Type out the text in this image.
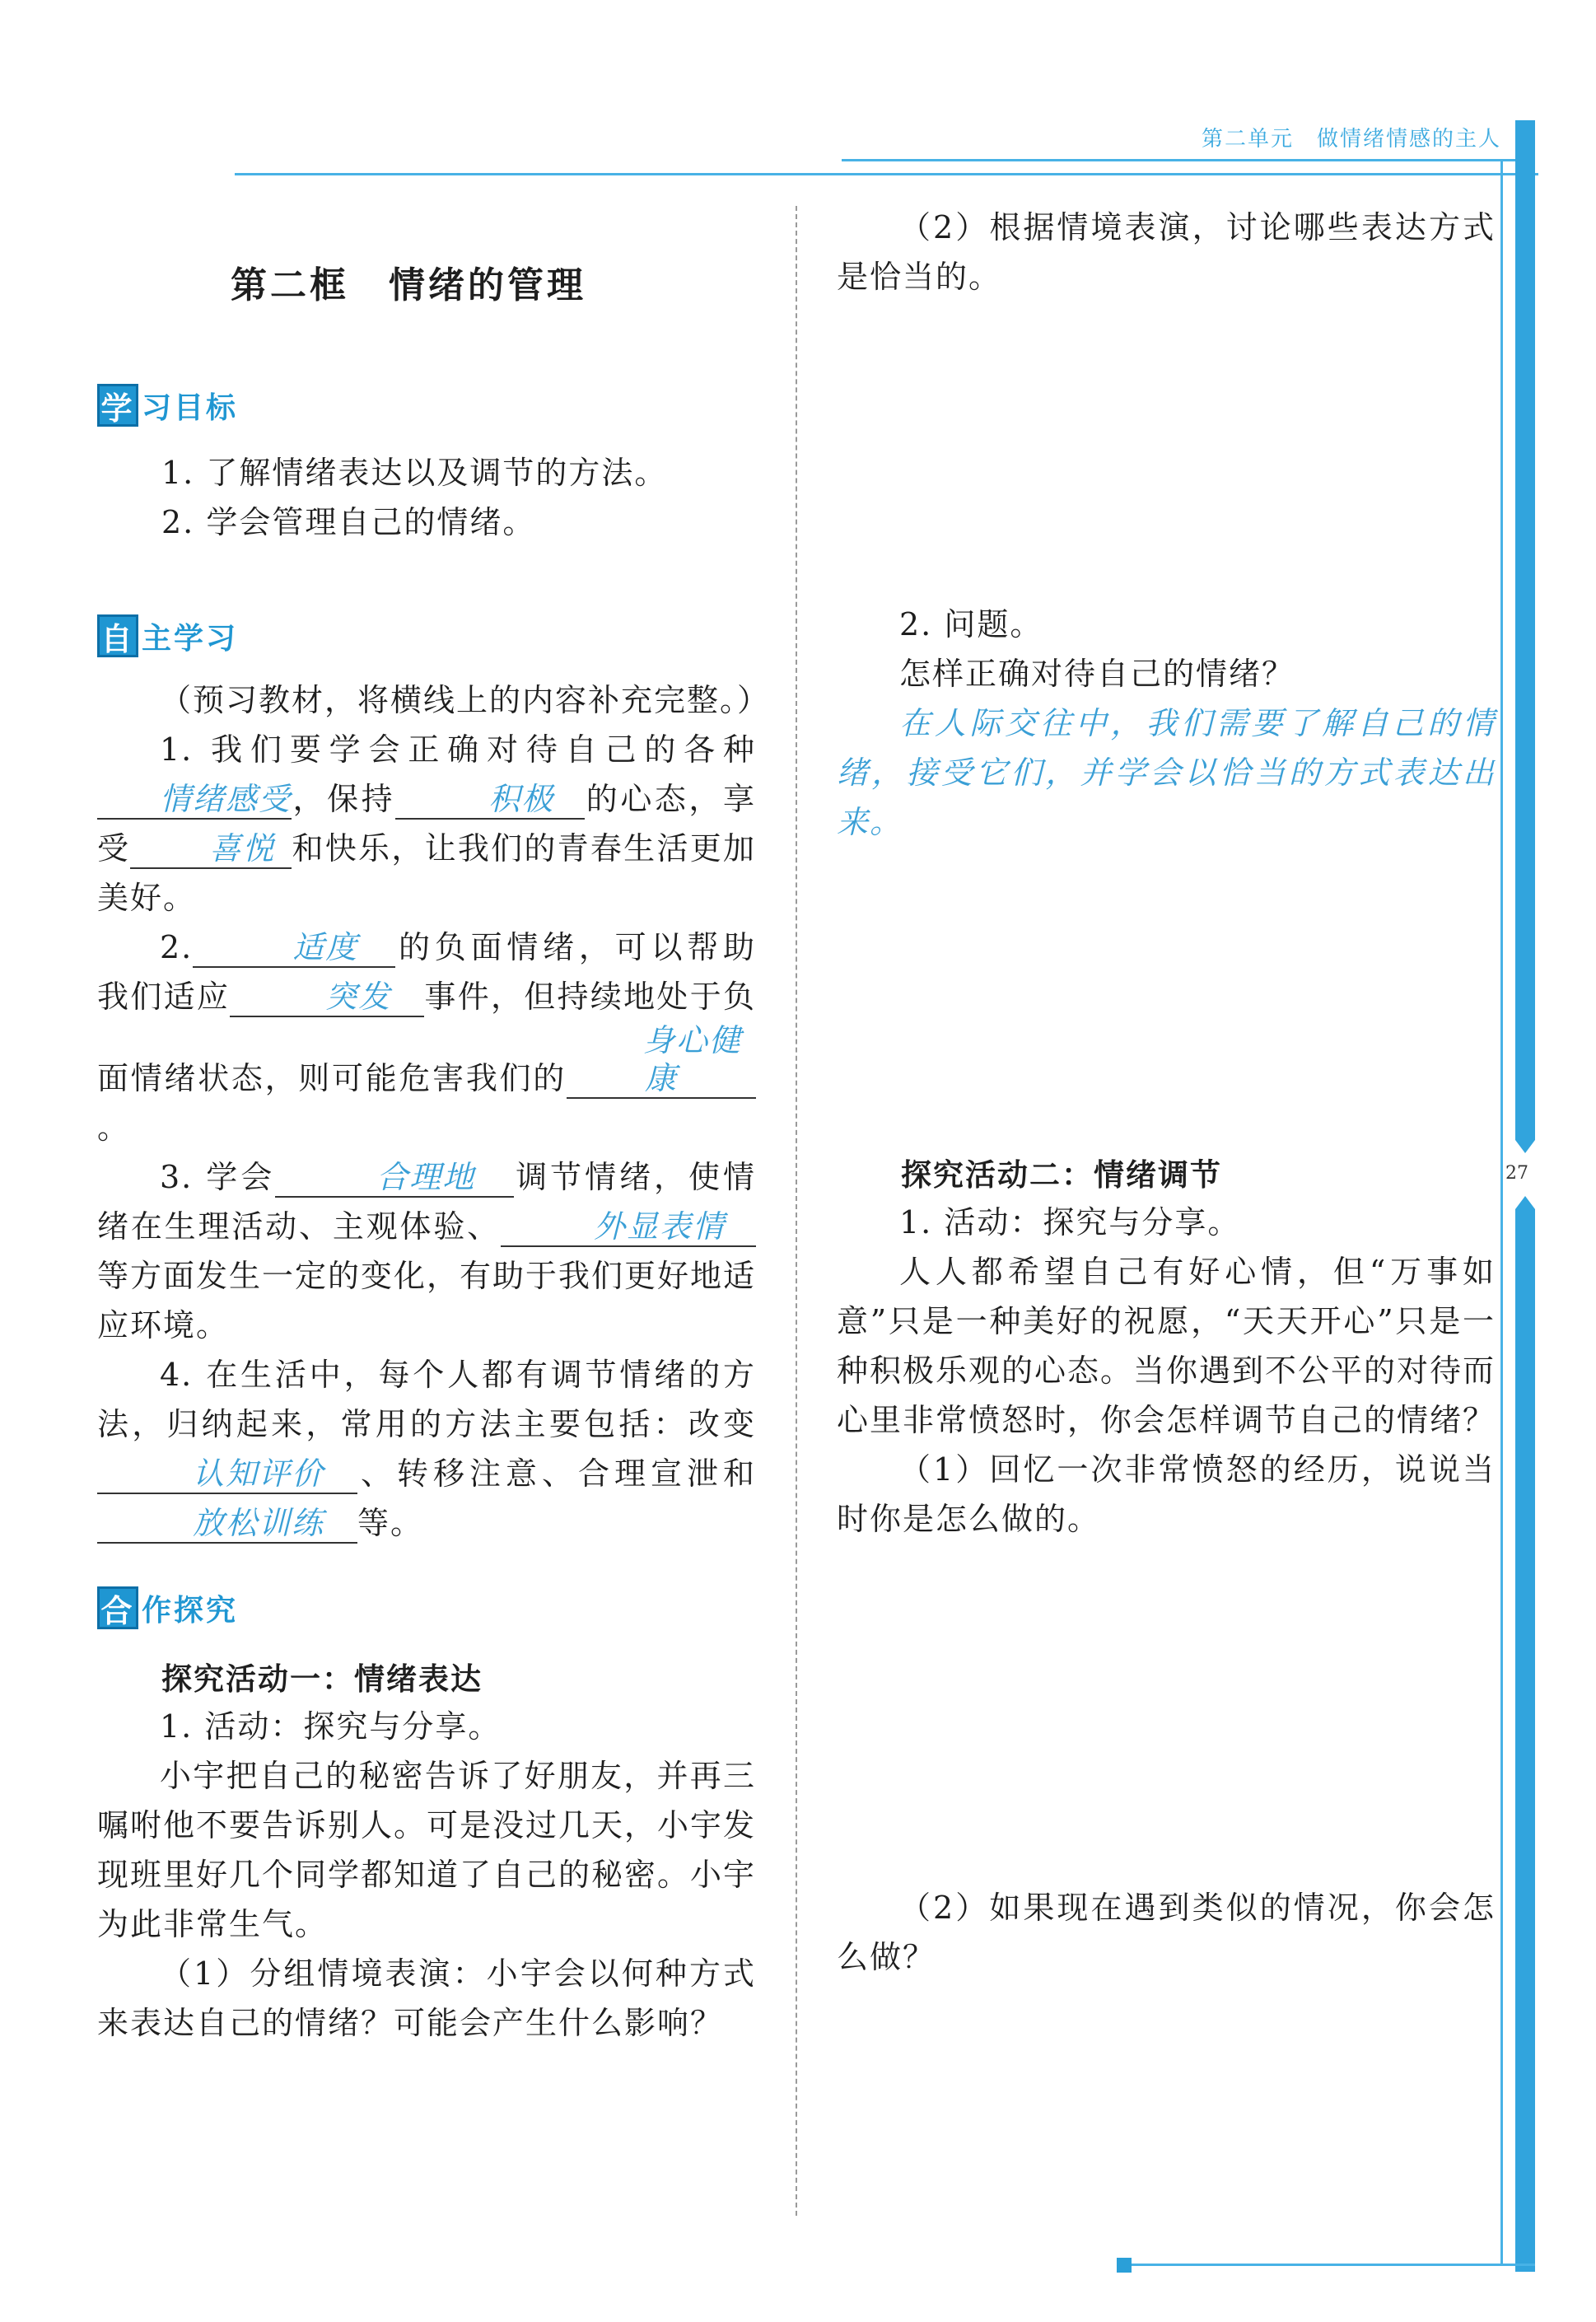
第二单元　 做情绪情感的主人
27
第二框　情绪的管理
学 习目标
1. 了解情绪表达以及调节的方法。
2. 学会管理自己的情绪。
自 主学习
（预习教材，将横线上的内容补充完整。）
1. 我们要学会正确对待自己的各种情绪感受，保持	积极 的心态，享受	喜悦 和快乐，让我们的青春生活更加美好。
2.	适度 的负面情绪，可以帮助我们适应	突发 事件，但持续地处于负面情绪状态，则可能危害我们的身心健康。
3. 学会	合理地 调节情绪，使情绪在生理活动、主观体验、	外显表情等方面发生一定的变化，有助于我们更好地适应环境。
4. 在生活中，每个人都有调节情绪的方法，归纳起来，常用的方法主要包括：改变认知评价 、转移注意、合理宣泄和放松训练 等。
合 作探究
探究活动一：情绪表达
1. 活动：探究与分享。
小宇把自己的秘密告诉了好朋友，并再三嘱咐他不要告诉别人。可是没过几天，小宇发现班里好几个同学都知道了自己的秘密。小宇为此非常生气。
（1）分组情境表演：小宇会以何种方式来表达自己的情绪？可能会产生什么影响？
（2）根据情境表演，讨论哪些表达方式是恰当的。
2. 问题。
怎样正确对待自己的情绪？
在人际交往中，我们需要了解自己的情绪，接受它们，并学会以恰当的方式表达出来。
探究活动二：情绪调节
1. 活动：探究与分享。
人人都希望自己有好心情，但“万事如意”只是一种美好的祝愿，“天天开心”只是一种积极乐观的心态。当你遇到不公平的对待而心里非常愤怒时，你会怎样调节自己的情绪？
（1）回忆一次非常愤怒的经历，说说当时你是怎么做的。
（2）如果现在遇到类似的情况，你会怎么做？
